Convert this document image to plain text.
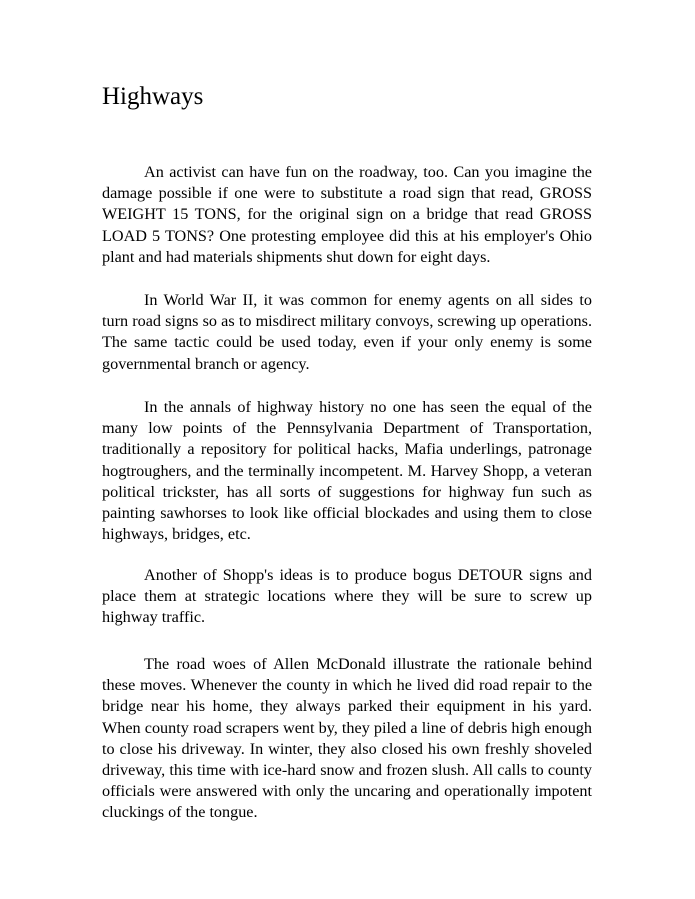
Highways

An activist can have fun on the roadway, too. Can you imagine the damage possible if one were to substitute a road sign that read, GROSS WEIGHT 15 TONS, for the original sign on a bridge that read GROSS LOAD 5 TONS? One protesting employee did this at his employer's Ohio plant and had materials shipments shut down for eight days.

In World War II, it was common for enemy agents on all sides to turn road signs so as to misdirect military convoys, screwing up operations. The same tactic could be used today, even if your only enemy is some governmental branch or agency.

In the annals of highway history no one has seen the equal of the many low points of the Pennsylvania Department of Transportation, traditionally a repository for political hacks, Mafia underlings, patronage hogtroughers, and the terminally incompetent. M. Harvey Shopp, a veteran political trickster, has all sorts of suggestions for highway fun such as painting sawhorses to look like official blockades and using them to close highways, bridges, etc.

Another of Shopp's ideas is to produce bogus DETOUR signs and place them at strategic locations where they will be sure to screw up highway traffic.

The road woes of Allen McDonald illustrate the rationale behind these moves. Whenever the county in which he lived did road repair to the bridge near his home, they always parked their equipment in his yard. When county road scrapers went by, they piled a line of debris high enough to close his driveway. In winter, they also closed his own freshly shoveled driveway, this time with ice-hard snow and frozen slush. All calls to county officials were answered with only the uncaring and operationally impotent cluckings of the tongue.
